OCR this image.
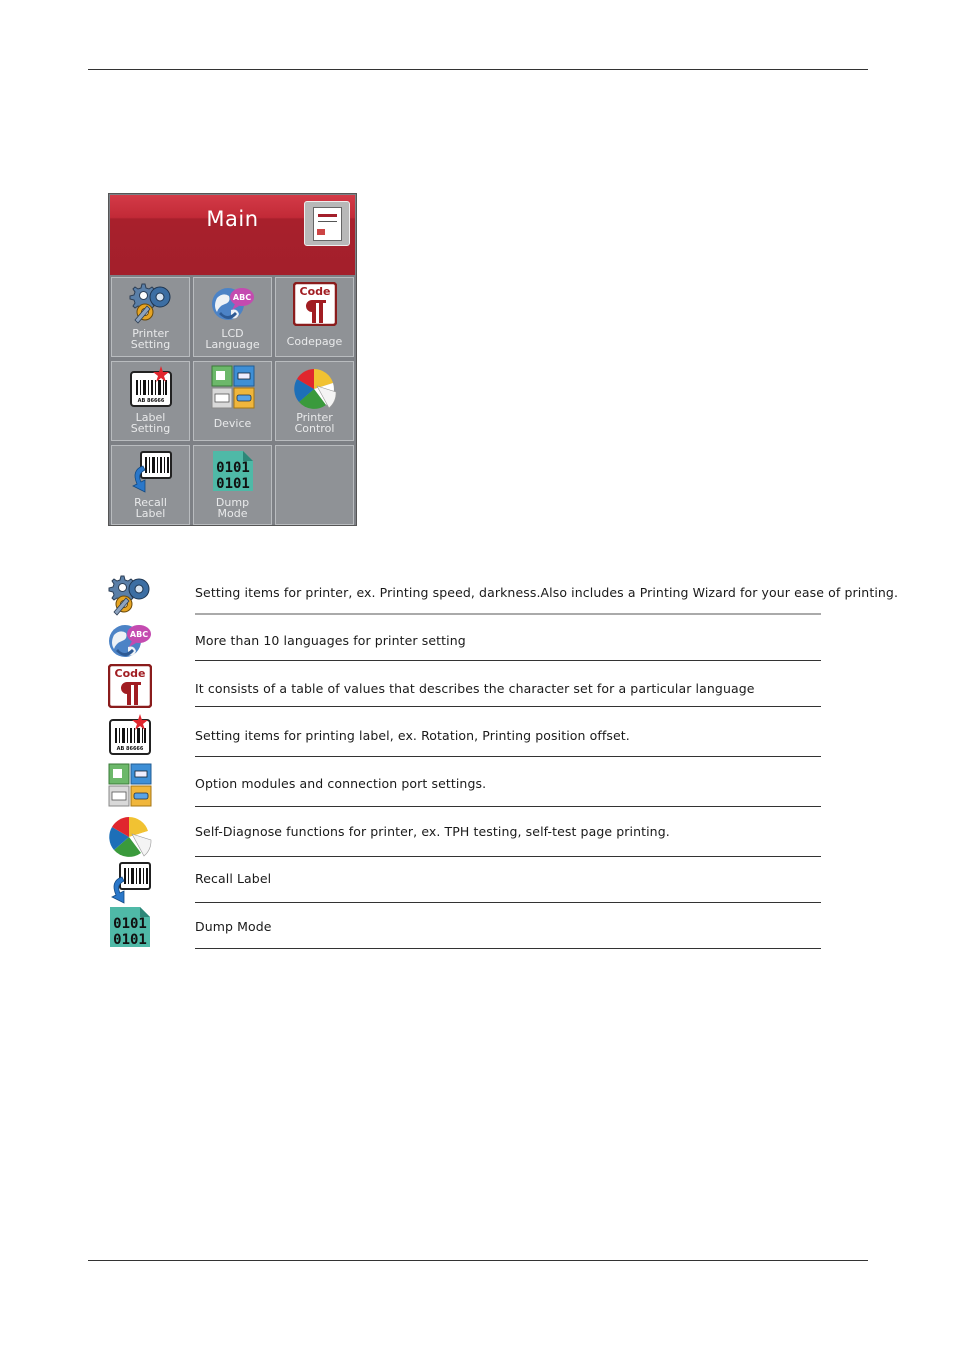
Main
Printer
Setting
ABC
LCD
Language
Code
Codepage
AB 86666
Label
Setting	Device	Printer
Control
Recall
Label
0101
0101
Dump
Mode
Setting items for printer, ex. Printing speed, darkness.Also includes a Printing Wizard for your ease of printing.
ABC	More than 10 languages for printer setting
Code
It consists of a table of values that describes the character set for a particular language
AB 86666
Setting items for printing label, ex. Rotation, Printing position offset.
Option modules and connection port settings.
Self-Diagnose functions for printer, ex. TPH testing, self-test page printing.
Recall Label
0101
0101
Dump Mode
